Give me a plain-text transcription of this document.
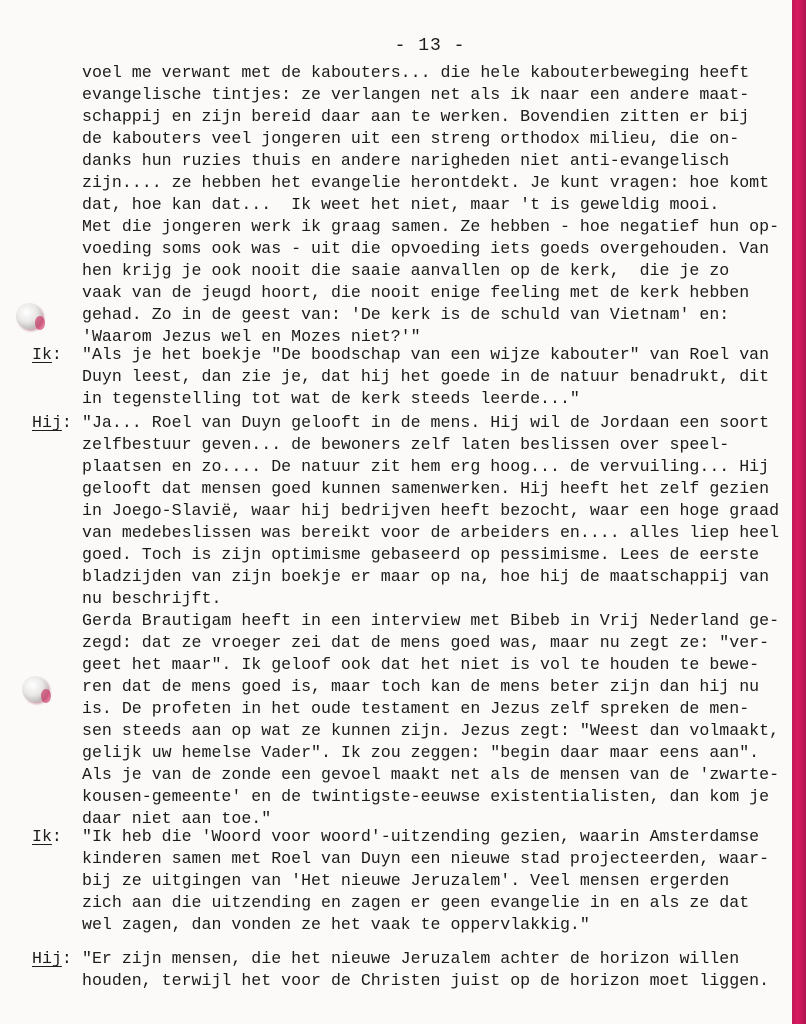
- 13 -
voel me verwant met de kabouters... die hele kabouterbeweging heeft
evangelische tintjes: ze verlangen net als ik naar een andere maat-
schappij en zijn bereid daar aan te werken. Bovendien zitten er bij
de kabouters veel jongeren uit een streng orthodox milieu, die on-
danks hun ruzies thuis en andere narigheden niet anti-evangelisch
zijn.... ze hebben het evangelie herontdekt. Je kunt vragen: hoe komt
dat, hoe kan dat...  Ik weet het niet, maar 't is geweldig mooi.
Met die jongeren werk ik graag samen. Ze hebben - hoe negatief hun op-
voeding soms ook was - uit die opvoeding iets goeds overgehouden. Van
hen krijg je ook nooit die saaie aanvallen op de kerk,  die je zo
vaak van de jeugd hoort, die nooit enige feeling met de kerk hebben
gehad. Zo in de geest van: 'De kerk is de schuld van Vietnam' en:
'Waarom Jezus wel en Mozes niet?'"
"Als je het boekje "De boodschap van een wijze kabouter" van Roel van
Duyn leest, dan zie je, dat hij het goede in de natuur benadrukt, dit
in tegenstelling tot wat de kerk steeds leerde..."
Ik:
"Ja... Roel van Duyn gelooft in de mens. Hij wil de Jordaan een soort
zelfbestuur geven... de bewoners zelf laten beslissen over speel-
plaatsen en zo.... De natuur zit hem erg hoog... de vervuiling... Hij
gelooft dat mensen goed kunnen samenwerken. Hij heeft het zelf gezien
in Joego-Slavië, waar hij bedrijven heeft bezocht, waar een hoge graad
van medebeslissen was bereikt voor de arbeiders en.... alles liep heel
goed. Toch is zijn optimisme gebaseerd op pessimisme. Lees de eerste
bladzijden van zijn boekje er maar op na, hoe hij de maatschappij van
nu beschrijft.
Gerda Brautigam heeft in een interview met Bibeb in Vrij Nederland ge-
zegd: dat ze vroeger zei dat de mens goed was, maar nu zegt ze: "ver-
geet het maar". Ik geloof ook dat het niet is vol te houden te bewe-
ren dat de mens goed is, maar toch kan de mens beter zijn dan hij nu
is. De profeten in het oude testament en Jezus zelf spreken de men-
sen steeds aan op wat ze kunnen zijn. Jezus zegt: "Weest dan volmaakt,
gelijk uw hemelse Vader". Ik zou zeggen: "begin daar maar eens aan".
Als je van de zonde een gevoel maakt net als de mensen van de 'zwarte-
kousen-gemeente' en de twintigste-eeuwse existentialisten, dan kom je
daar niet aan toe."
Hij:
"Ik heb die 'Woord voor woord'-uitzending gezien, waarin Amsterdamse
kinderen samen met Roel van Duyn een nieuwe stad projecteerden, waar-
bij ze uitgingen van 'Het nieuwe Jeruzalem'. Veel mensen ergerden
zich aan die uitzending en zagen er geen evangelie in en als ze dat
wel zagen, dan vonden ze het vaak te oppervlakkig."
Ik:
"Er zijn mensen, die het nieuwe Jeruzalem achter de horizon willen
houden, terwijl het voor de Christen juist op de horizon moet liggen.
Hij:
